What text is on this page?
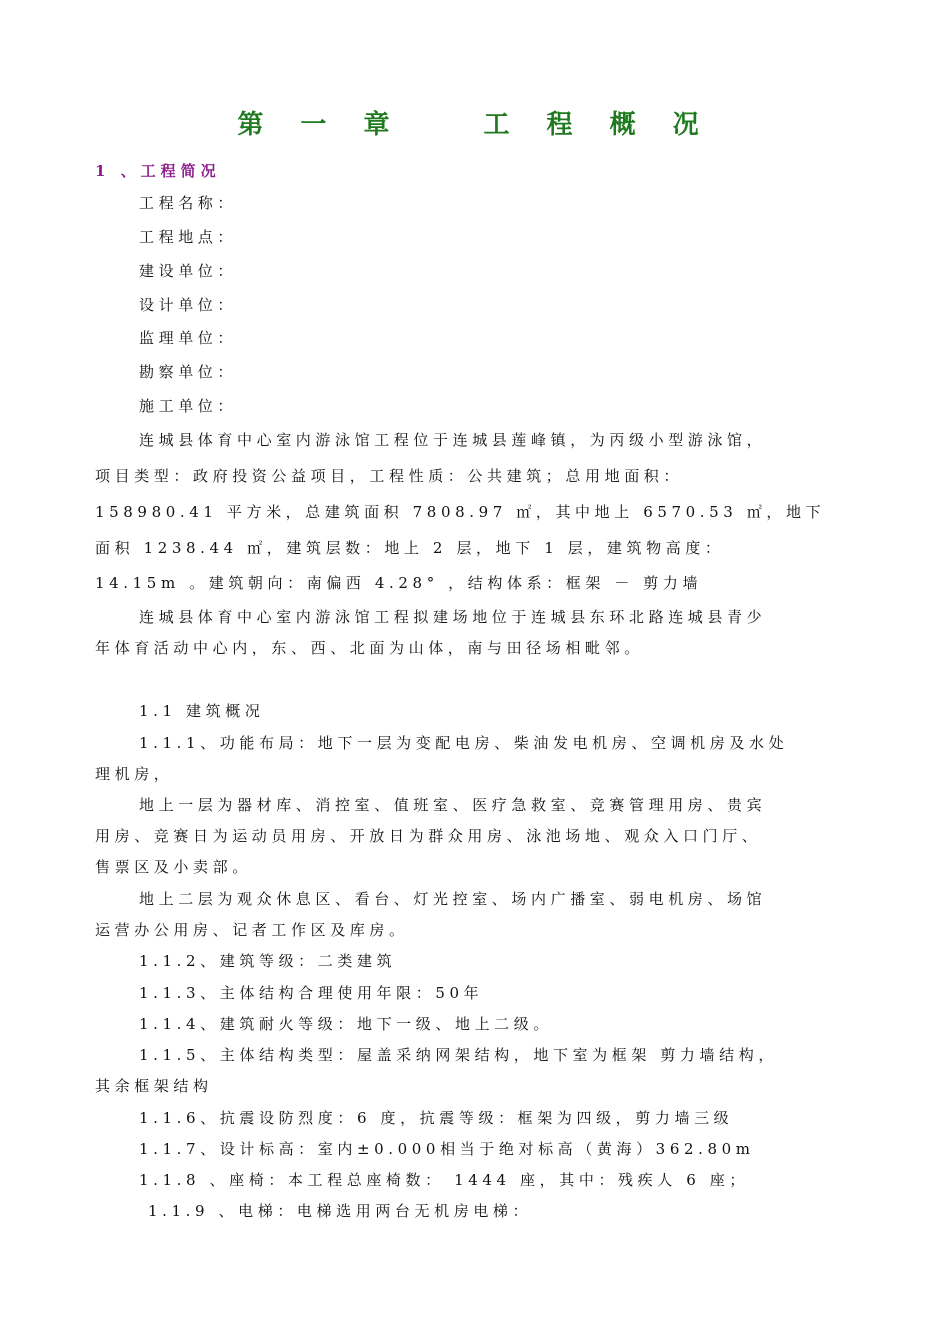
第 一 章	工 程 概 况
1 、工程简况
工程名称：
工程地点：
建设单位：
设计单位：
监理单位：
勘察单位：
施工单位：
连城县体育中心室内游泳馆工程位于连城县莲峰镇，为丙级小型游泳馆，
项目类型：政府投资公益项目，工程性质：公共建筑；总用地面积：
158980.41 平方米，总建筑面积 7808.97 ㎡，其中地上 6570.53 ㎡，地下
面积 1238.44 ㎡，建筑层数：地上 2 层，地下 1 层，建筑物高度：
14.15m 。建筑朝向：南偏西 4.28° ，结构体系：框架 － 剪力墙
连城县体育中心室内游泳馆工程拟建场地位于连城县东环北路连城县青少
年体育活动中心内，东、西、北面为山体，南与田径场相毗邻。
1.1 建筑概况
1.1.1、功能布局：地下一层为变配电房、柴油发电机房、空调机房及水处
理机房，
地上一层为器材库、消控室、值班室、医疗急救室、竞赛管理用房、贵宾
用房、竞赛日为运动员用房、开放日为群众用房、泳池场地、观众入口门厅、
售票区及小卖部。
地上二层为观众休息区、看台、灯光控室、场内广播室、弱电机房、场馆
运营办公用房、记者工作区及库房。
1.1.2、建筑等级：二类建筑
1.1.3、主体结构合理使用年限：50年
1.1.4、建筑耐火等级：地下一级、地上二级。
1.1.5、主体结构类型：屋盖采纳网架结构，地下室为框架 剪力墙结构，
其余框架结构
1.1.6、抗震设防烈度：6 度，抗震等级：框架为四级，剪力墙三级
1.1.7、设计标高：室内±0.000相当于绝对标高（黄海）362.80m
1.1.8 、座椅：本工程总座椅数： 1444 座，其中：残疾人 6 座；
1.1.9 、电梯：电梯选用两台无机房电梯：
